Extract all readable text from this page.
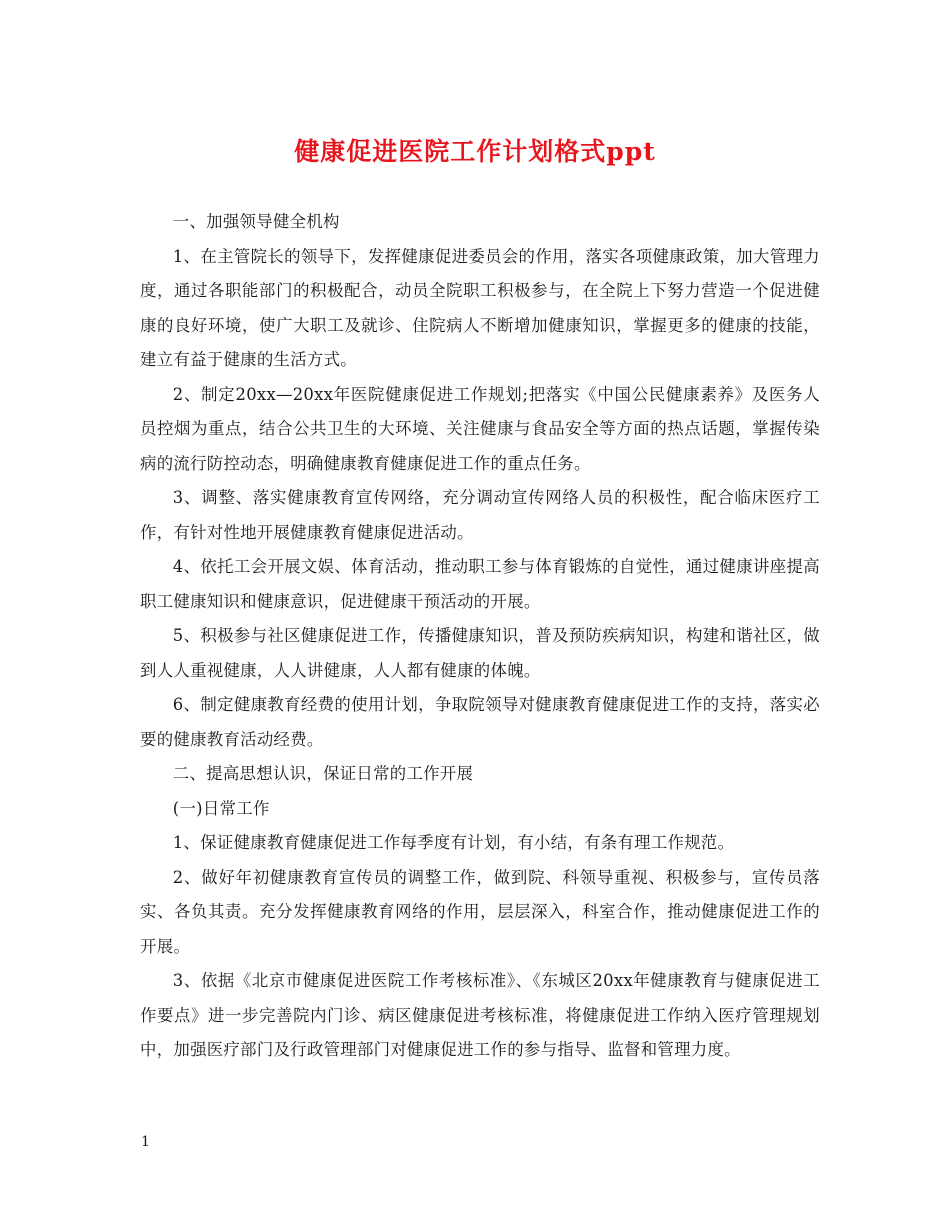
健康促进医院工作计划格式ppt

一、加强领导健全机构

1、在主管院长的领导下，发挥健康促进委员会的作用，落实各项健康政策，加大管理力度，通过各职能部门的积极配合，动员全院职工积极参与，在全院上下努力营造一个促进健康的良好环境，使广大职工及就诊、住院病人不断增加健康知识，掌握更多的健康的技能，建立有益于健康的生活方式。

2、制定20xx—20xx年医院健康促进工作规划;把落实《中国公民健康素养》及医务人员控烟为重点，结合公共卫生的大环境、关注健康与食品安全等方面的热点话题，掌握传染病的流行防控动态，明确健康教育健康促进工作的重点任务。

3、调整、落实健康教育宣传网络，充分调动宣传网络人员的积极性，配合临床医疗工作，有针对性地开展健康教育健康促进活动。

4、依托工会开展文娱、体育活动，推动职工参与体育锻炼的自觉性，通过健康讲座提高职工健康知识和健康意识，促进健康干预活动的开展。

5、积极参与社区健康促进工作，传播健康知识，普及预防疾病知识，构建和谐社区，做到人人重视健康，人人讲健康，人人都有健康的体魄。

6、制定健康教育经费的使用计划，争取院领导对健康教育健康促进工作的支持，落实必要的健康教育活动经费。

二、提高思想认识，保证日常的工作开展

(一)日常工作

1、保证健康教育健康促进工作每季度有计划，有小结，有条有理工作规范。

2、做好年初健康教育宣传员的调整工作，做到院、科领导重视、积极参与，宣传员落实、各负其责。充分发挥健康教育网络的作用，层层深入，科室合作，推动健康促进工作的开展。

3、依据《北京市健康促进医院工作考核标准》、《东城区20xx年健康教育与健康促进工作要点》进一步完善院内门诊、病区健康促进考核标准，将健康促进工作纳入医疗管理规划中，加强医疗部门及行政管理部门对健康促进工作的参与指导、监督和管理力度。

1
